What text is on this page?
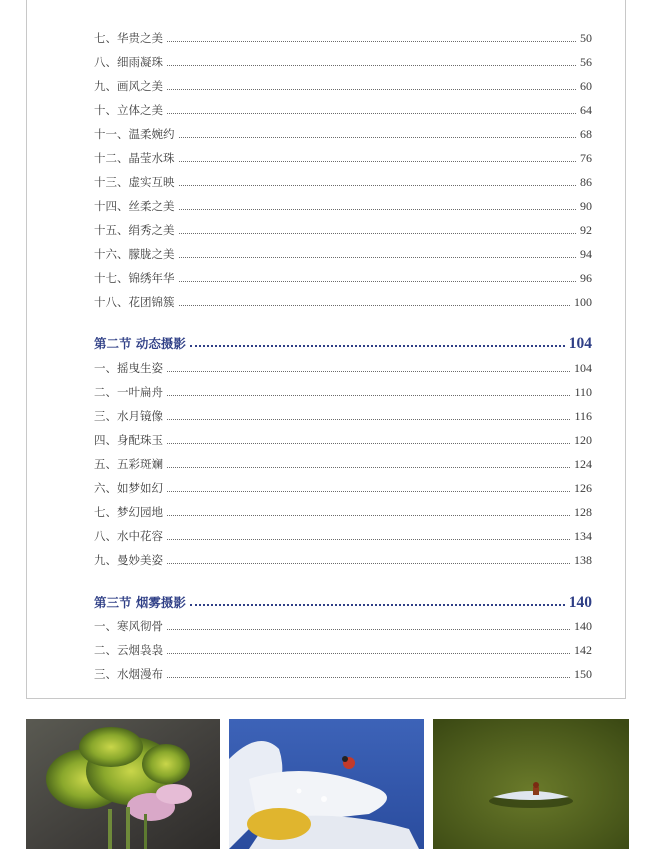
七、华贵之美	50
八、细雨凝珠	56
九、画风之美	60
十、立体之美	64
十一、温柔婉约	68
十二、晶莹水珠	76
十三、虚实互映	86
十四、丝柔之美	90
十五、绢秀之美	92
十六、朦胧之美	94
十七、锦绣年华	96
十八、花团锦簇	100
第二节 动态摄影	104
一、摇曳生姿	104
二、一叶扁舟	110
三、水月镜像	116
四、身配珠玉	120
五、五彩斑斓	124
六、如梦如幻	126
七、梦幻园地	128
八、水中花容	134
九、曼妙美姿	138
第三节 烟雾摄影	140
一、寒风彻骨	140
二、云烟袅袅	142
三、水烟漫布	150
